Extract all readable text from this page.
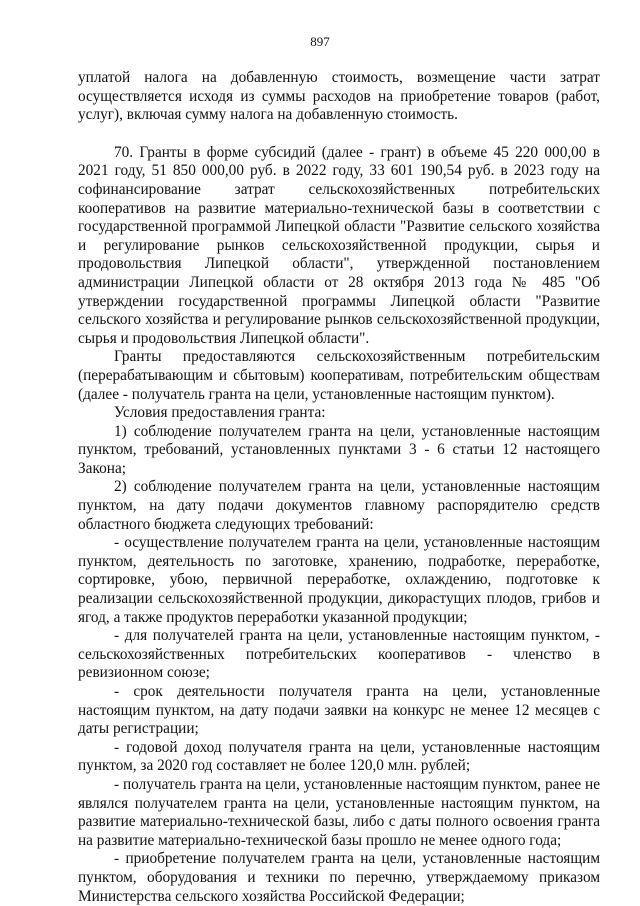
897

уплатой налога на добавленную стоимость, возмещение части затрат осуществляется исходя из суммы расходов на приобретение товаров (работ, услуг), включая сумму налога на добавленную стоимость.

70. Гранты в форме субсидий (далее - грант) в объеме 45 220 000,00 в 2021 году, 51 850 000,00 руб. в 2022 году, 33 601 190,54 руб. в 2023 году на софинансирование затрат сельскохозяйственных потребительских кооперативов на развитие материально-технической базы в соответствии с государственной программой Липецкой области "Развитие сельского хозяйства и регулирование рынков сельскохозяйственной продукции, сырья и продовольствия Липецкой области", утвержденной постановлением администрации Липецкой области от 28 октября 2013 года № 485 "Об утверждении государственной программы Липецкой области "Развитие сельского хозяйства и регулирование рынков сельскохозяйственной продукции, сырья и продовольствия Липецкой области".

Гранты предоставляются сельскохозяйственным потребительским (перерабатывающим и сбытовым) кооперативам, потребительским обществам (далее - получатель гранта на цели, установленные настоящим пунктом).

Условия предоставления гранта:

1) соблюдение получателем гранта на цели, установленные настоящим пунктом, требований, установленных пунктами 3 - 6 статьи 12 настоящего Закона;

2) соблюдение получателем гранта на цели, установленные настоящим пунктом, на дату подачи документов главному распорядителю средств областного бюджета следующих требований:

- осуществление получателем гранта на цели, установленные настоящим пунктом, деятельность по заготовке, хранению, подработке, переработке, сортировке, убою, первичной переработке, охлаждению, подготовке к реализации сельскохозяйственной продукции, дикорастущих плодов, грибов и ягод, а также продуктов переработки указанной продукции;

- для получателей гранта на цели, установленные настоящим пунктом, - сельскохозяйственных потребительских кооперативов - членство в ревизионном союзе;

- срок деятельности получателя гранта на цели, установленные настоящим пунктом, на дату подачи заявки на конкурс не менее 12 месяцев с даты регистрации;

- годовой доход получателя гранта на цели, установленные настоящим пунктом, за 2020 год составляет не более 120,0 млн. рублей;

- получатель гранта на цели, установленные настоящим пунктом, ранее не являлся получателем гранта на цели, установленные настоящим пунктом, на развитие материально-технической базы, либо с даты полного освоения гранта на развитие материально-технической базы прошло не менее одного года;

- приобретение получателем гранта на цели, установленные настоящим пунктом, оборудования и техники по перечню, утверждаемому приказом Министерства сельского хозяйства Российской Федерации;
